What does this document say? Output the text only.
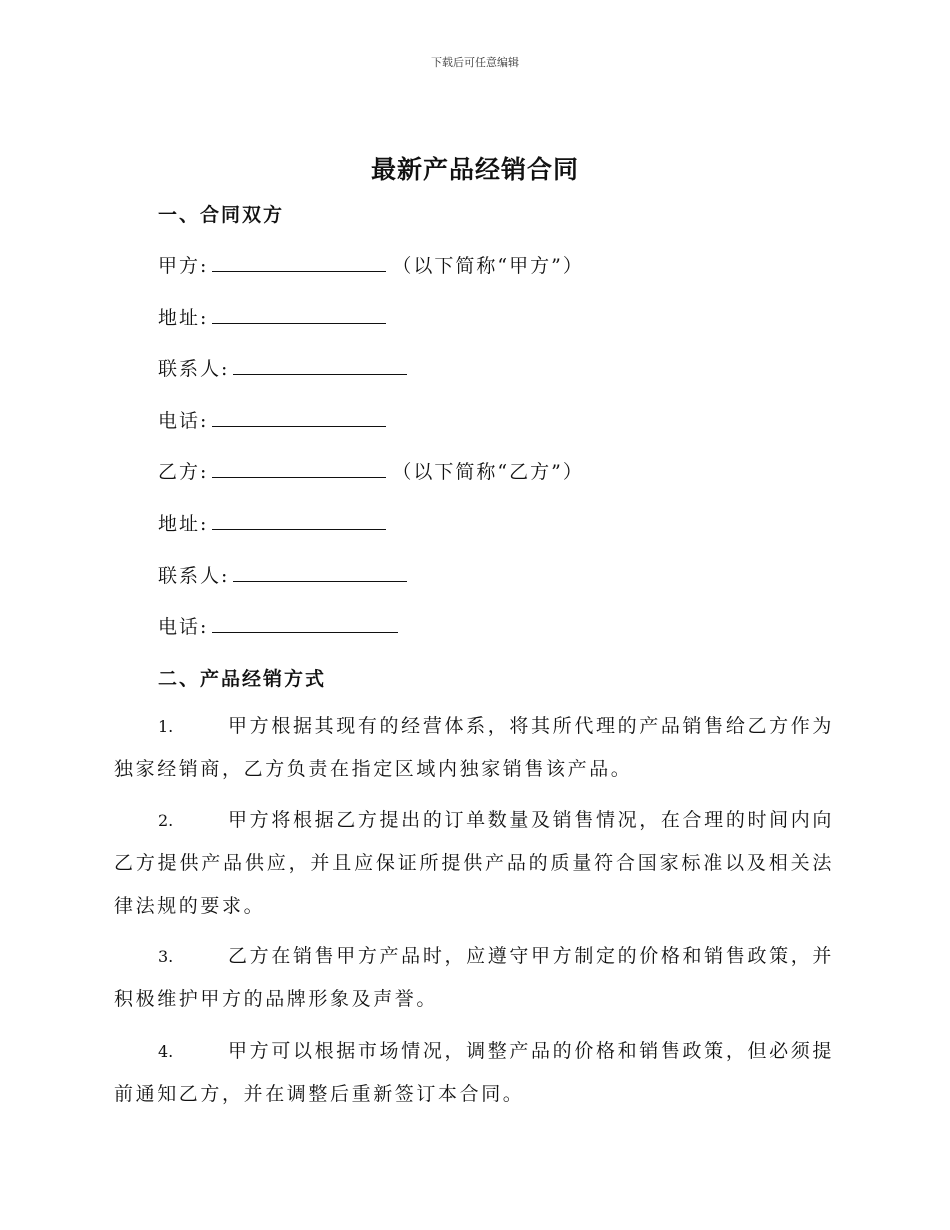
下载后可任意编辑
最新产品经销合同
一、合同双方
甲方:	（以下简称“甲方”）
地址:
联系人:
电话:
乙方:	（以下简称“乙方”）
地址:
联系人:
电话:
二、产品经销方式
1.	甲方根据其现有的经营体系，将其所代理的产品销售给乙方作为独家经销商，乙方负责在指定区域内独家销售该产品。
2.	甲方将根据乙方提出的订单数量及销售情况，在合理的时间内向乙方提供产品供应，并且应保证所提供产品的质量符合国家标准以及相关法律法规的要求。
3.	乙方在销售甲方产品时，应遵守甲方制定的价格和销售政策，并积极维护甲方的品牌形象及声誉。
4.	甲方可以根据市场情况，调整产品的价格和销售政策，但必须提前通知乙方，并在调整后重新签订本合同。
